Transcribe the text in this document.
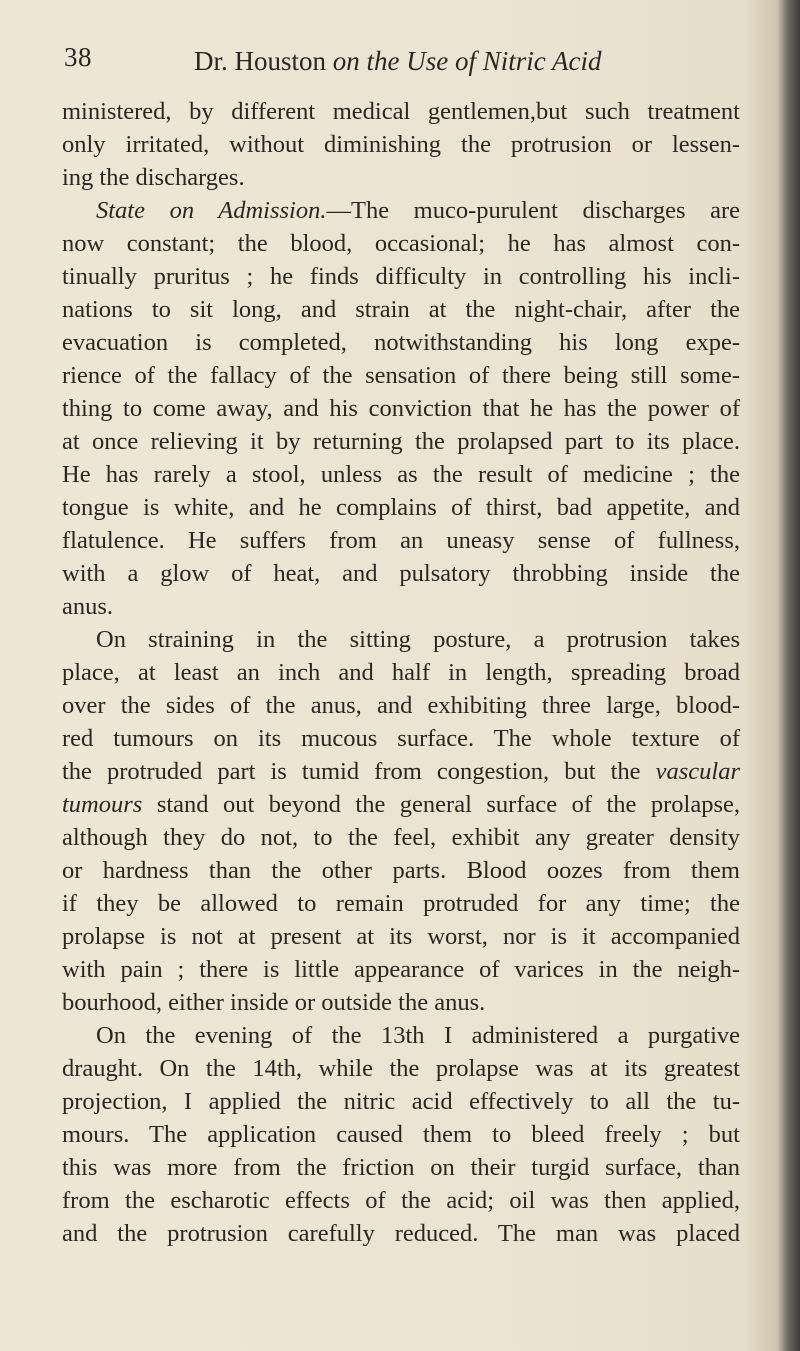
38	Dr. Houston on the Use of Nitric Acid
ministered, by different medical gentlemen,but such treatment
only irritated, without diminishing the protrusion or lessen-
ing the discharges.
State on Admission.—The muco-purulent discharges are
now constant; the blood, occasional; he has almost con-
tinually pruritus ; he finds difficulty in controlling his incli-
nations to sit long, and strain at the night-chair, after the
evacuation is completed, notwithstanding his long expe-
rience of the fallacy of the sensation of there being still some-
thing to come away, and his conviction that he has the power of
at once relieving it by returning the prolapsed part to its place.
He has rarely a stool, unless as the result of medicine ; the
tongue is white, and he complains of thirst, bad appetite, and
flatulence. He suffers from an uneasy sense of fullness,
with a glow of heat, and pulsatory throbbing inside the
anus.
On straining in the sitting posture, a protrusion takes
place, at least an inch and half in length, spreading broad
over the sides of the anus, and exhibiting three large, blood-
red tumours on its mucous surface. The whole texture of
the protruded part is tumid from congestion, but the vascular
tumours stand out beyond the general surface of the prolapse,
although they do not, to the feel, exhibit any greater density
or hardness than the other parts. Blood oozes from them
if they be allowed to remain protruded for any time; the
prolapse is not at present at its worst, nor is it accompanied
with pain ; there is little appearance of varices in the neigh-
bourhood, either inside or outside the anus.
On the evening of the 13th I administered a purgative
draught. On the 14th, while the prolapse was at its greatest
projection, I applied the nitric acid effectively to all the tu-
mours. The application caused them to bleed freely ; but
this was more from the friction on their turgid surface, than
from the escharotic effects of the acid; oil was then applied,
and the protrusion carefully reduced. The man was placed
